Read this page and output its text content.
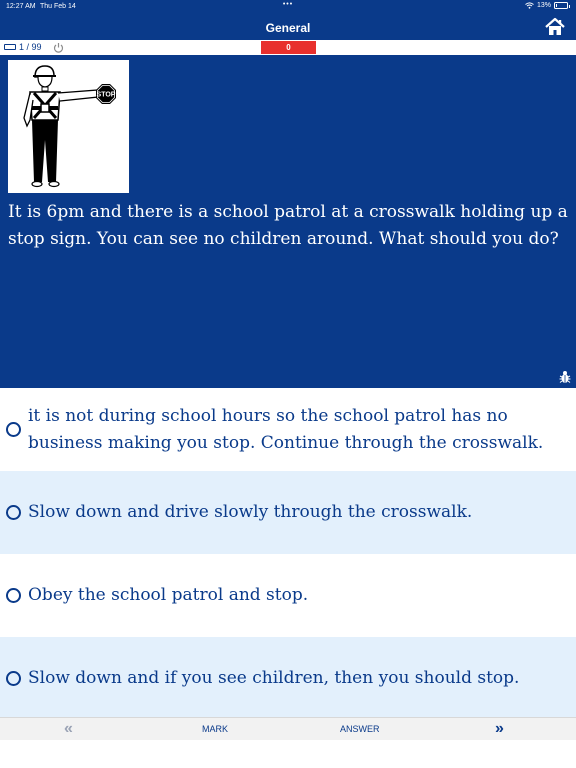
12:27 AM Thu Feb 14	•••	13%
General
1 / 99	0
STOP
It is 6pm and there is a school patrol at a crosswalk holding up a stop sign. You can see no children around. What should you do?
it is not during school hours so the school patrol has no business making you stop. Continue through the crosswalk.
Slow down and drive slowly through the crosswalk.
Obey the school patrol and stop.
Slow down and if you see children, then you should stop.
«	MARK	ANSWER	»
